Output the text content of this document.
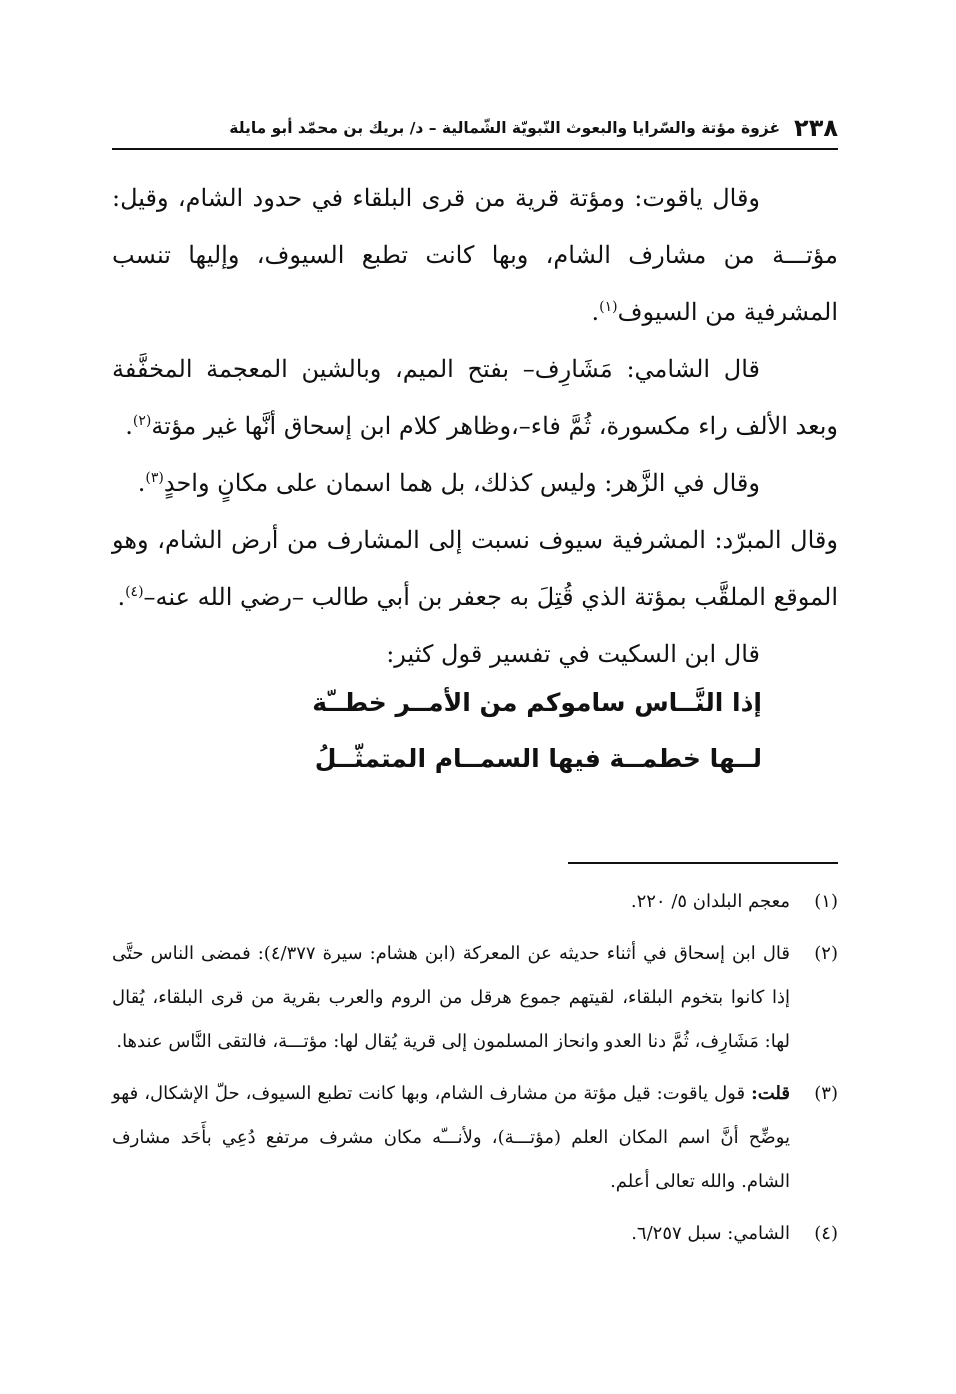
٢٣٨
غزوة مؤتة والسّرايا والبعوث النّبويّة الشّمالية – د/ بريك بن محمّد أبو مايلة

وقال ياقوت: ومؤتة قرية من قرى البلقاء في حدود الشام، وقيل: مؤتـــة من مشارف الشام، وبها كانت تطبع السيوف، وإليها تنسب المشرفية من السيوف$^{(١)}$.

قال الشامي: مَشَارِف– بفتح الميم، وبالشين المعجمة المخفَّفة وبعد الألف راء مكسورة، ثُمَّ فاء–،وظاهر كلام ابن إسحاق أنَّها غير مؤتة$^{(٢)}$.

وقال في الزَّهر: وليس كذلك، بل هما اسمان على مكانٍ واحدٍ$^{(٣)}$.

وقال المبرّد: المشرفية سيوف نسبت إلى المشارف من أرض الشام، وهو الموقع الملقَّب بمؤتة الذي قُتِلَ به جعفر بن أبي طالب –رضي الله عنه–$^{(٤)}$.

قال ابن السكيت في تفسير قول كثير:

إذا النَّــاس ساموكم من الأمــر خطــّة
لــها خطمــة فيها السمــام المتمثّــلُ
(١)
معجم البلدان ٥/ ٢٢٠.
(٢)
قال ابن إسحاق في أثناء حديثه عن المعركة (ابن هشام: سيرة ٤/٣٧٧): فمضى الناس حتَّى إذا كانوا بتخوم البلقاء، لقيتهم جموع هرقل من الروم والعرب بقرية من قرى البلقاء، يُقال لها: مَشَارِف، ثُمَّ دنا العدو وانحاز المسلمون إلى قرية يُقال لها: مؤتـــة، فالتقى النَّاس عندها.
(٣)
قلت: قول ياقوت: قيل مؤتة من مشارف الشام، وبها كانت تطبع السيوف، حلّ الإشكال، فهو يوضِّح أنَّ اسم المكان العلم (مؤتـــة)، ولأنـــّه مكان مشرف مرتفع دُعِي بأَحَد مشارف الشام. والله تعالى أعلم.
(٤)
الشامي: سبل ٦/٢٥٧.
